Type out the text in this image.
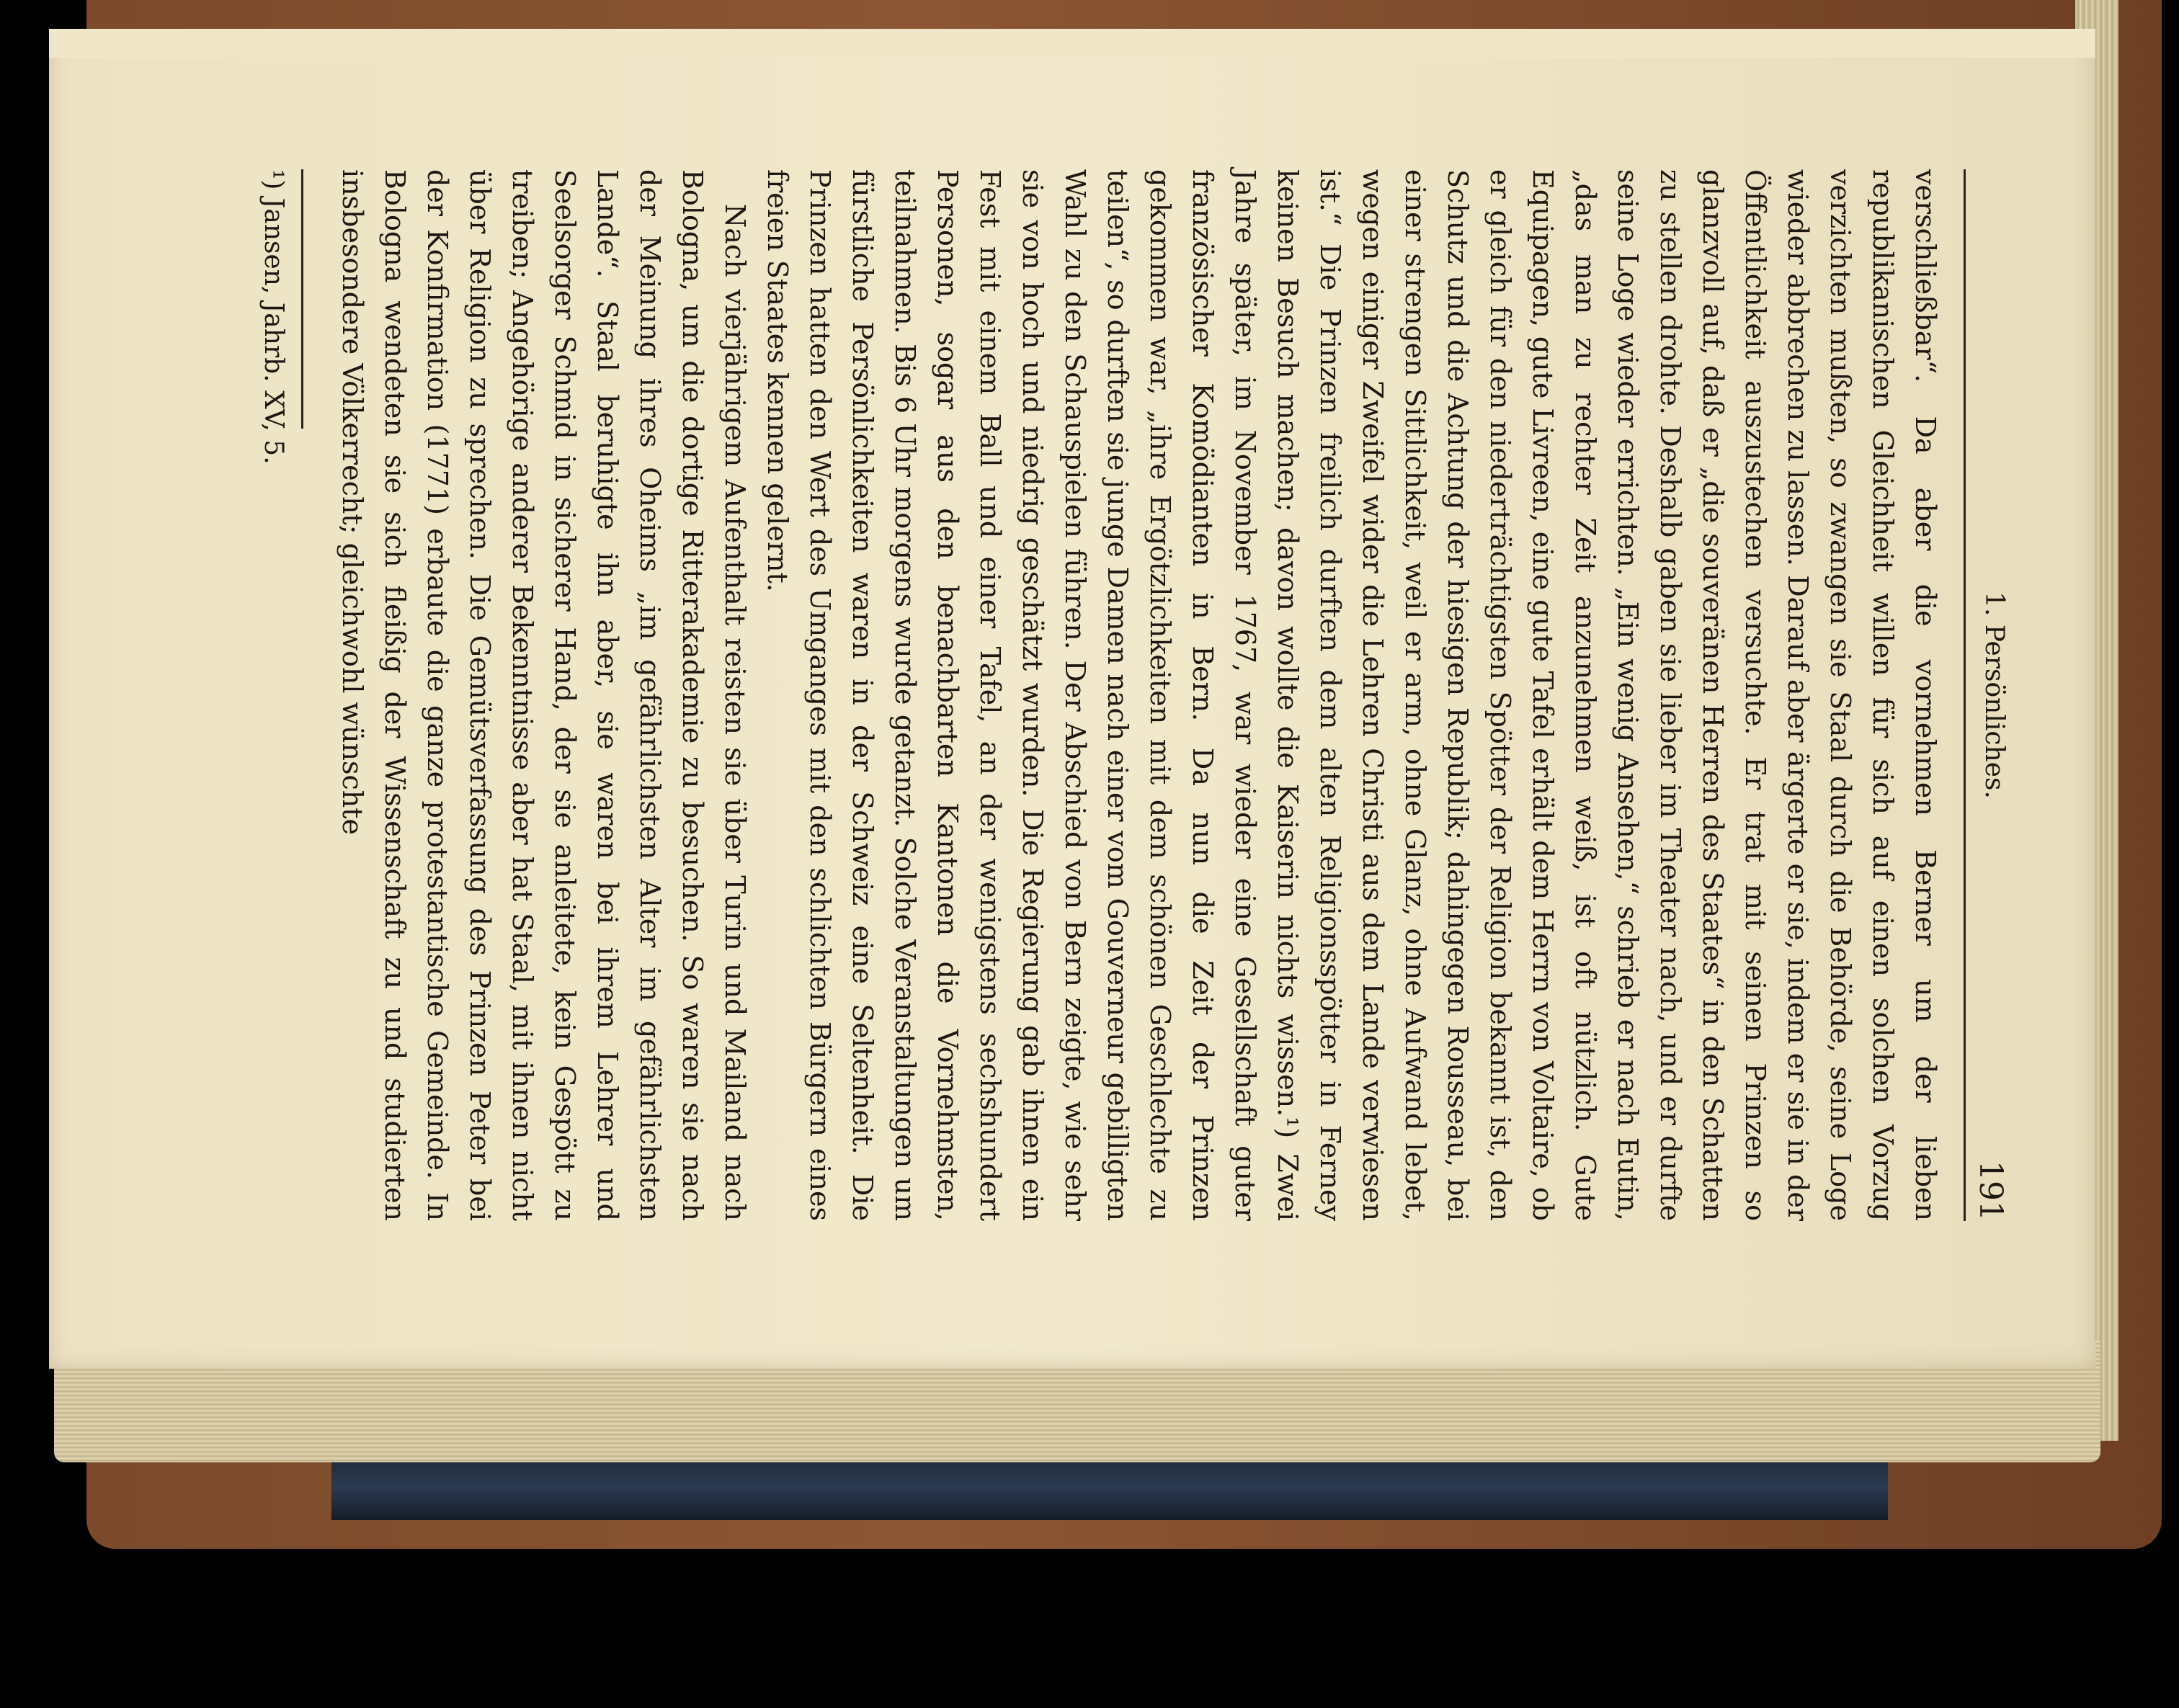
1. Persönliches.
191

verschließbar“. Da aber die vornehmen Berner um der lieben republikanischen Gleichheit willen für sich auf einen solchen Vorzug verzichten mußten, so zwangen sie Staal durch die Behörde, seine Loge wieder abbrechen zu lassen. Darauf aber ärgerte er sie, indem er sie in der Öffentlichkeit auszustechen versuchte. Er trat mit seinen Prinzen so glanzvoll auf, daß er „die souveränen Herren des Staates“ in den Schatten zu stellen drohte. Deshalb gaben sie lieber im Theater nach, und er durfte seine Loge wieder errichten. „Ein wenig Ansehen,“ schrieb er nach Eutin, „das man zu rechter Zeit anzunehmen weiß, ist oft nützlich. Gute Equipagen, gute Livreen, eine gute Tafel erhält dem Herrn von Voltaire, ob er gleich für den niederträchtigsten Spötter der Religion bekannt ist, den Schutz und die Achtung der hiesigen Republik; dahingegen Rousseau, bei einer strengen Sittlichkeit, weil er arm, ohne Glanz, ohne Aufwand lebet, wegen einiger Zweifel wider die Lehren Christi aus dem Lande verwiesen ist.“ Die Prinzen freilich durften dem alten Religionsspötter in Ferney keinen Besuch machen; davon wollte die Kaiserin nichts wissen.¹) Zwei Jahre später, im November 1767, war wieder eine Gesellschaft guter französischer Komödianten in Bern. Da nun die Zeit der Prinzen gekommen war, „ihre Ergötzlichkeiten mit dem schönen Geschlechte zu teilen“, so durften sie junge Damen nach einer vom Gouverneur gebilligten Wahl zu den Schauspielen führen. Der Abschied von Bern zeigte, wie sehr sie von hoch und niedrig geschätzt wurden. Die Regierung gab ihnen ein Fest mit einem Ball und einer Tafel, an der wenigstens sechshundert Personen, sogar aus den benachbarten Kantonen die Vornehmsten, teilnahmen. Bis 6 Uhr morgens wurde getanzt. Solche Veranstaltungen um fürstliche Persönlichkeiten waren in der Schweiz eine Seltenheit. Die Prinzen hatten den Wert des Umganges mit den schlichten Bürgern eines freien Staates kennen gelernt.

Nach vierjährigem Aufenthalt reisten sie über Turin und Mailand nach Bologna, um die dortige Ritterakademie zu besuchen. So waren sie nach der Meinung ihres Oheims „im gefährlichsten Alter im gefährlichsten Lande“. Staal beruhigte ihn aber, sie waren bei ihrem Lehrer und Seelsorger Schmid in sicherer Hand, der sie anleitete, kein Gespött zu treiben; Angehörige anderer Bekenntnisse aber hat Staal, mit ihnen nicht über Religion zu sprechen. Die Gemütsverfassung des Prinzen Peter bei der Konfirmation (1771) erbaute die ganze protestantische Gemeinde. In Bologna wendeten sie sich fleißig der Wissenschaft zu und studierten insbesondere Völkerrecht; gleichwohl wünschte

¹) Jansen, Jahrb. XV, 5.
